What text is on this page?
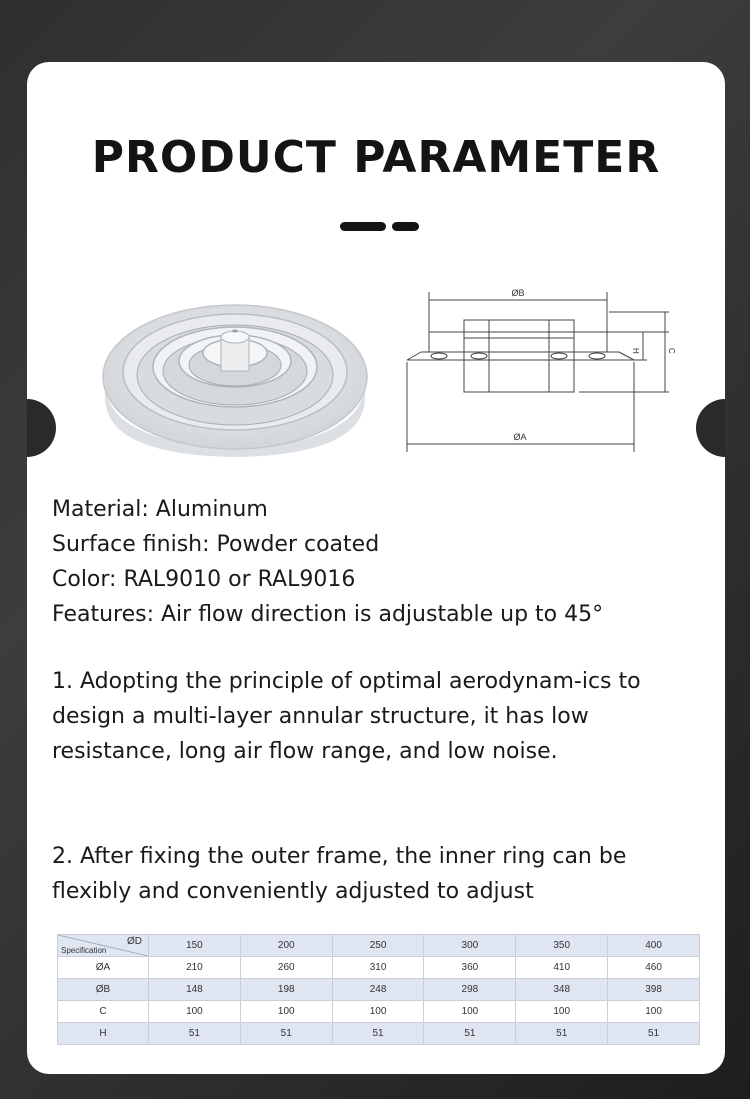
PRODUCT PARAMETER
ØB
ØA
H	C
Material: Aluminum
Surface finish: Powder coated
Color: RAL9010 or RAL9016
Features: Air flow direction is adjustable up to 45°
1. Adopting the principle of optimal aerodynam-ics to design a multi-layer annular structure, it has low resistance, long air flow range, and low noise.
2. After fixing the outer frame, the inner ring can be flexibly and conveniently adjusted to adjust
ØD
Specification	150	200	250	300	350	400
ØA	210	260	310	360	410	460
ØB	148	198	248	298	348	398
C	100	100	100	100	100	100
H	51	51	51	51	51	51
